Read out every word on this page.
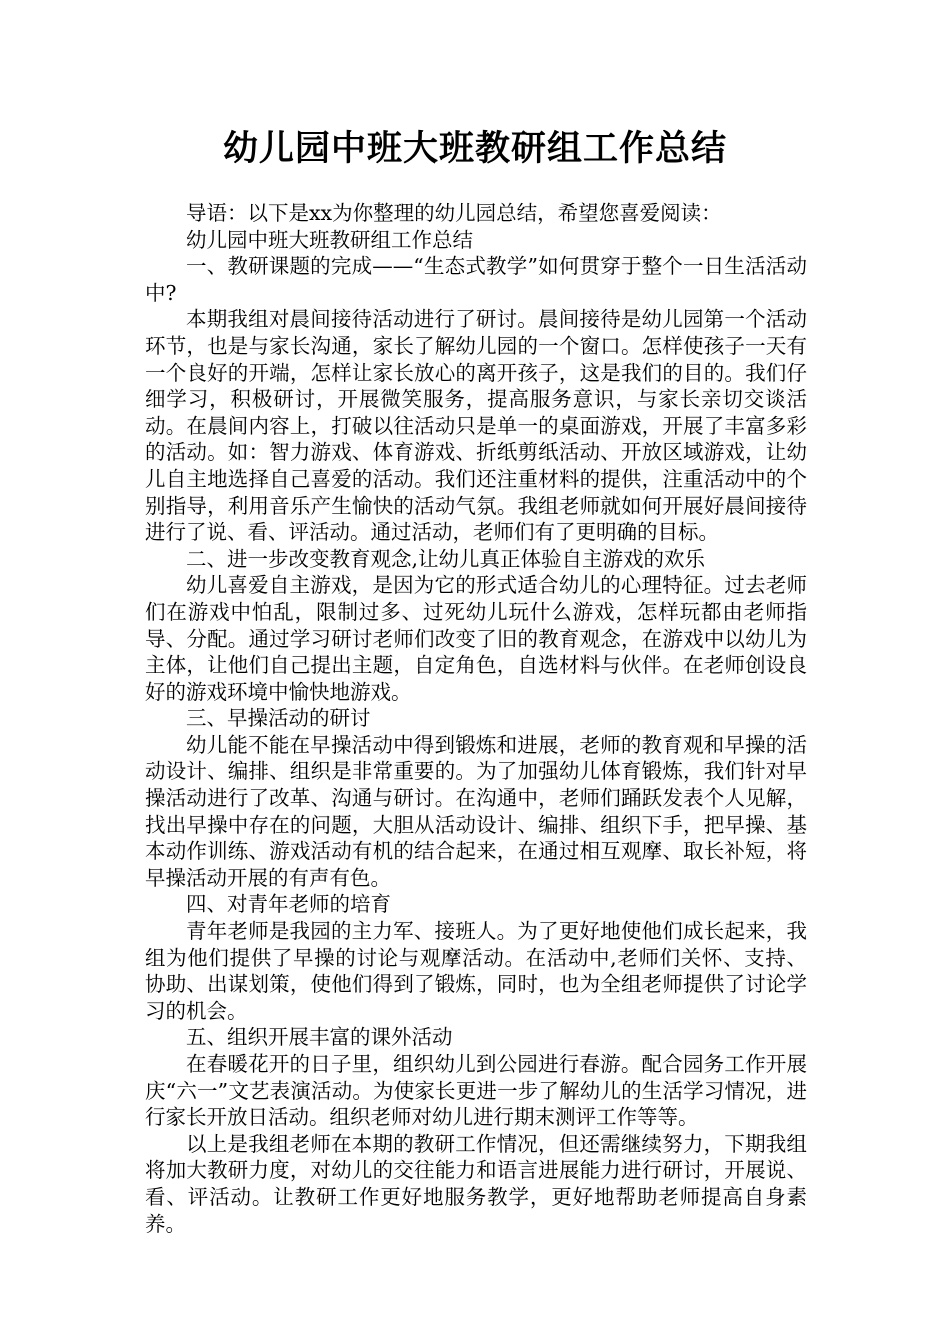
幼儿园中班大班教研组工作总结

导语：以下是xx为你整理的幼儿园总结，希望您喜爱阅读：

幼儿园中班大班教研组工作总结

一、教研课题的完成——“生态式教学”如何贯穿于整个一日生活活动中?

本期我组对晨间接待活动进行了研讨。晨间接待是幼儿园第一个活动环节，也是与家长沟通，家长了解幼儿园的一个窗口。怎样使孩子一天有一个良好的开端，怎样让家长放心的离开孩子，这是我们的目的。我们仔细学习，积极研讨，开展微笑服务，提高服务意识，与家长亲切交谈活动。在晨间内容上，打破以往活动只是单一的桌面游戏，开展了丰富多彩的活动。如：智力游戏、体育游戏、折纸剪纸活动、开放区域游戏，让幼儿自主地选择自己喜爱的活动。我们还注重材料的提供，注重活动中的个别指导，利用音乐产生愉快的活动气氛。我组老师就如何开展好晨间接待进行了说、看、评活动。通过活动，老师们有了更明确的目标。

二、进一步改变教育观念,让幼儿真正体验自主游戏的欢乐

幼儿喜爱自主游戏，是因为它的形式适合幼儿的心理特征。过去老师们在游戏中怕乱，限制过多、过死幼儿玩什么游戏，怎样玩都由老师指导、分配。通过学习研讨老师们改变了旧的教育观念，在游戏中以幼儿为主体，让他们自己提出主题，自定角色，自选材料与伙伴。在老师创设良好的游戏环境中愉快地游戏。

三、早操活动的研讨

幼儿能不能在早操活动中得到锻炼和进展，老师的教育观和早操的活动设计、编排、组织是非常重要的。为了加强幼儿体育锻炼，我们针对早操活动进行了改革、沟通与研讨。在沟通中，老师们踊跃发表个人见解，找出早操中存在的问题，大胆从活动设计、编排、组织下手，把早操、基本动作训练、游戏活动有机的结合起来，在通过相互观摩、取长补短，将早操活动开展的有声有色。

四、对青年老师的培育

青年老师是我园的主力军、接班人。为了更好地使他们成长起来，我组为他们提供了早操的讨论与观摩活动。在活动中,老师们关怀、支持、协助、出谋划策，使他们得到了锻炼，同时，也为全组老师提供了讨论学习的机会。

五、组织开展丰富的课外活动

在春暖花开的日子里，组织幼儿到公园进行春游。配合园务工作开展庆“六一”文艺表演活动。为使家长更进一步了解幼儿的生活学习情况，进行家长开放日活动。组织老师对幼儿进行期末测评工作等等。

以上是我组老师在本期的教研工作情况，但还需继续努力，下期我组将加大教研力度，对幼儿的交往能力和语言进展能力进行研讨，开展说、看、评活动。让教研工作更好地服务教学，更好地帮助老师提高自身素养。
